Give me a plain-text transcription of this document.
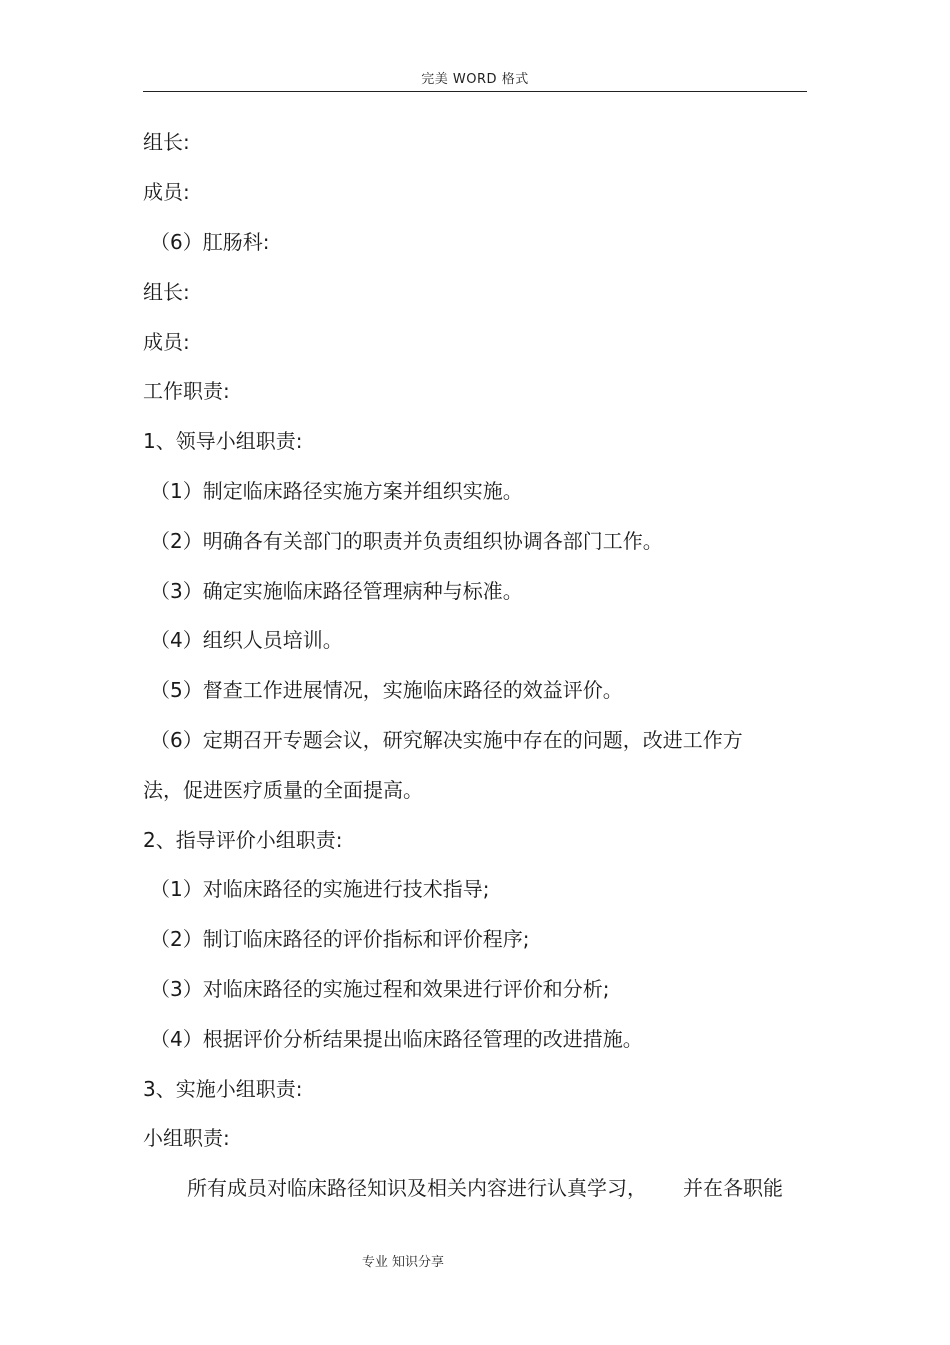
完美 WORD 格式
组长:
成员:
（6）肛肠科:
组长:
成员:
工作职责:
1、领导小组职责:
（1）制定临床路径实施方案并组织实施。
（2）明确各有关部门的职责并负责组织协调各部门工作。
（3）确定实施临床路径管理病种与标准。
（4）组织人员培训。
（5）督查工作进展情况，实施临床路径的效益评价。
（6）定期召开专题会议，研究解决实施中存在的问题，改进工作方
法，促进医疗质量的全面提高。
2、指导评价小组职责:
（1）对临床路径的实施进行技术指导;
（2）制订临床路径的评价指标和评价程序;
（3）对临床路径的实施过程和效果进行评价和分析;
（4）根据评价分析结果提出临床路径管理的改进措施。
3、实施小组职责:
小组职责:
所有成员对临床路径知识及相关内容进行认真学习， 并在各职能
专业 知识分享
